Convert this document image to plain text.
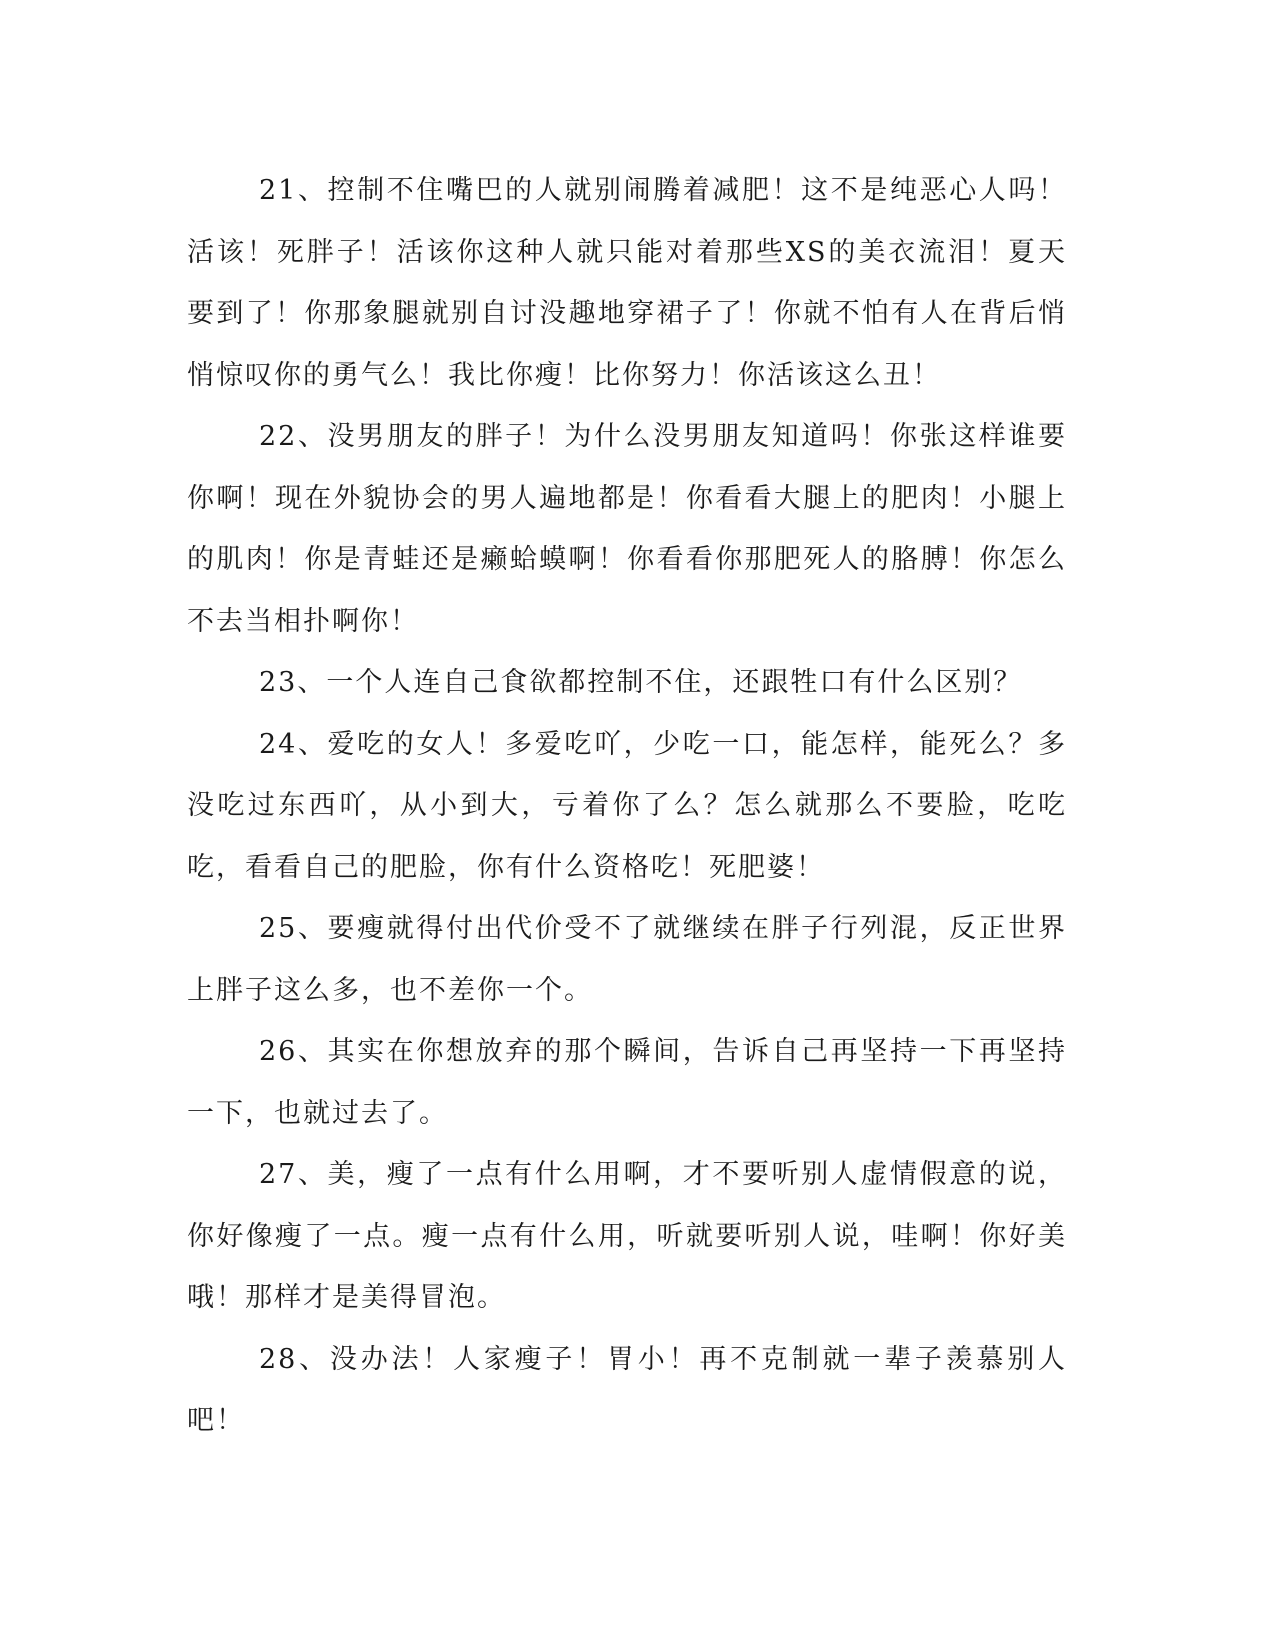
21、控制不住嘴巴的人就别闹腾着减肥！这不是纯恶心人吗！活该！死胖子！活该你这种人就只能对着那些XS的美衣流泪！夏天要到了！你那象腿就别自讨没趣地穿裙子了！你就不怕有人在背后悄悄惊叹你的勇气么！我比你瘦！比你努力！你活该这么丑！

22、没男朋友的胖子！为什么没男朋友知道吗！你张这样谁要你啊！现在外貌协会的男人遍地都是！你看看大腿上的肥肉！小腿上的肌肉！你是青蛙还是癞蛤蟆啊！你看看你那肥死人的胳膊！你怎么不去当相扑啊你！

23、一个人连自己食欲都控制不住，还跟牲口有什么区别？

24、爱吃的女人！多爱吃吖，少吃一口，能怎样，能死么？多没吃过东西吖，从小到大，亏着你了么？怎么就那么不要脸，吃吃吃，看看自己的肥脸，你有什么资格吃！死肥婆！

25、要瘦就得付出代价受不了就继续在胖子行列混，反正世界上胖子这么多，也不差你一个。

26、其实在你想放弃的那个瞬间，告诉自己再坚持一下再坚持一下，也就过去了。

27、美，瘦了一点有什么用啊，才不要听别人虚情假意的说，你好像瘦了一点。瘦一点有什么用，听就要听别人说，哇啊！你好美哦！那样才是美得冒泡。

28、没办法！人家瘦子！胃小！再不克制就一辈子羡慕别人吧！
